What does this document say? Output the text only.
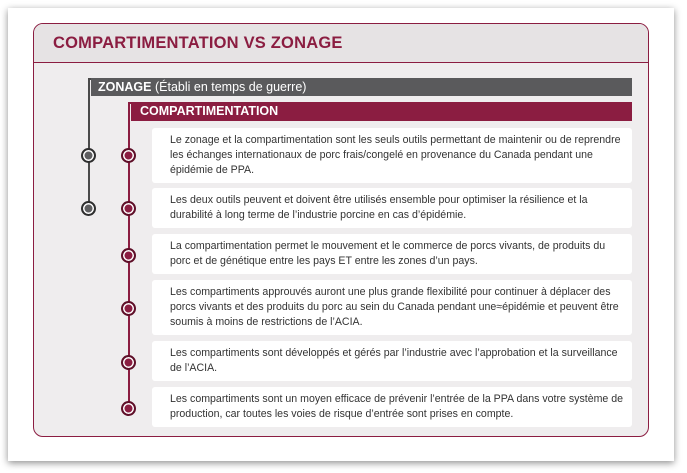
COMPARTIMENTATION VS ZONAGE
ZONAGE (Établi en temps de guerre)
COMPARTIMENTATION
Le zonage et la compartimentation sont les seuls outils permettant de maintenir ou de reprendre les échanges internationaux de porc frais/congelé en provenance du Canada pendant une épidémie de PPA.
Les deux outils peuvent et doivent être utilisés ensemble pour optimiser la résilience et la durabilité à long terme de l’industrie porcine en cas d’épidémie.
La compartimentation permet le mouvement et le commerce de porcs vivants, de produits du porc et de génétique entre les pays ET entre les zones d’un pays.
Les compartiments approuvés auront une plus grande flexibilité pour continuer à déplacer des porcs vivants et des produits du porc au sein du Canada pendant une≈épidémie et peuvent être soumis à moins de restrictions de l’ACIA.
Les compartiments sont développés et gérés par l’industrie avec l’approbation et la surveillance de l’ACIA.
Les compartiments sont un moyen efficace de prévenir l’entrée de la PPA dans votre système de production, car toutes les voies de risque d’entrée sont prises en compte.
